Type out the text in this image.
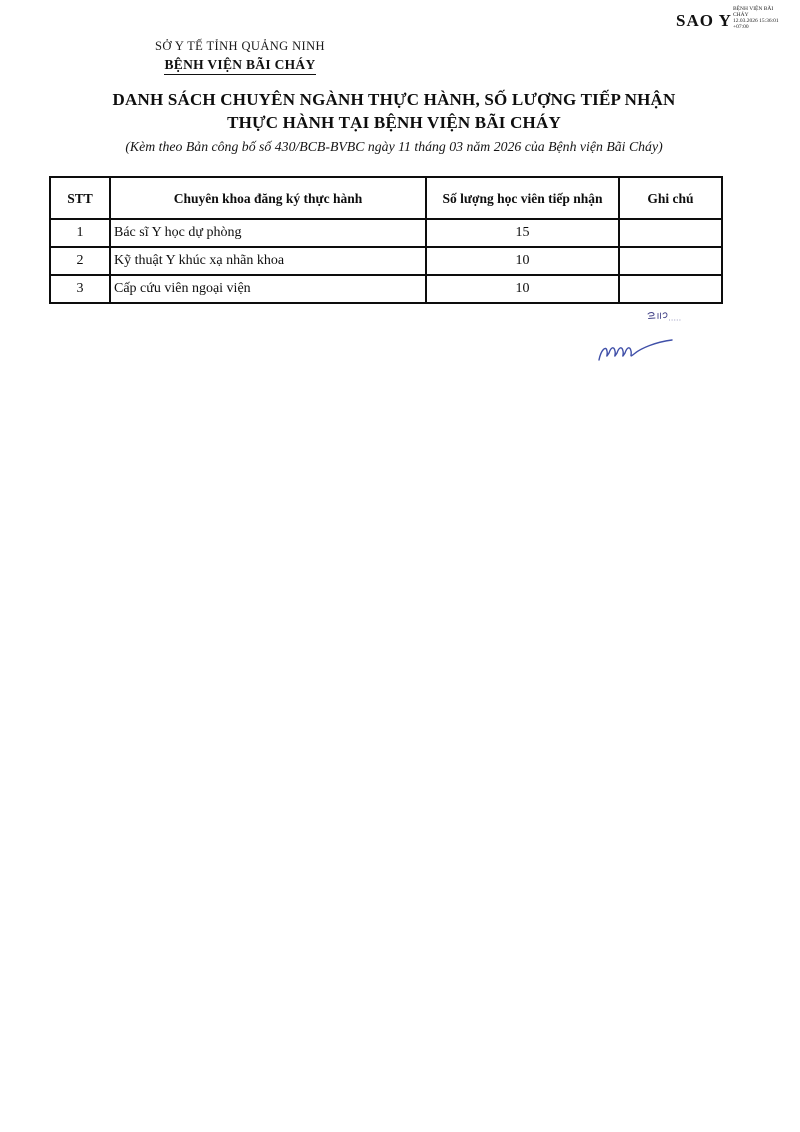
SAO Y
BỆNH VIỆN BÃI
CHÁY
12.03.2026 15:36:01
+07:00
SỞ Y TẾ TỈNH QUẢNG NINH
BỆNH VIỆN BÃI CHÁY
DANH SÁCH CHUYÊN NGÀNH THỰC HÀNH, SỐ LƯỢNG TIẾP NHẬN
THỰC HÀNH TẠI BỆNH VIỆN BÃI CHÁY
(Kèm theo Bản công bố số 430/BCB-BVBC ngày 11 tháng 03 năm 2026 của Bệnh viện Bãi Cháy)
STT	Chuyên khoa đăng ký thực hành	Số lượng học viên tiếp nhận	Ghi chú
1	Bác sĩ Y học dự phòng	15	
2	Kỹ thuật Y khúc xạ nhãn khoa	10	
3	Cấp cứu viên ngoại viện	10	
